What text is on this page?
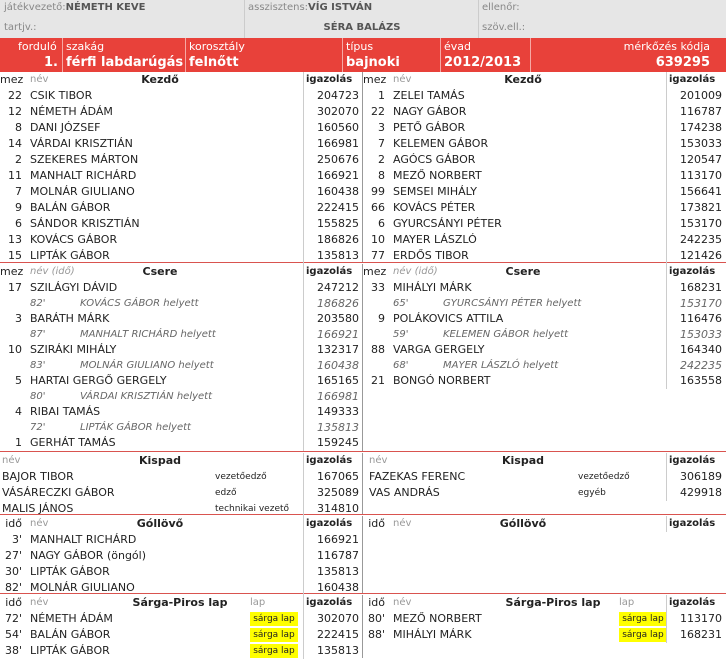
játékvezető:NÉMETH KEVE
tartjv.:
asszisztens:VÍG ISTVÁN
SÉRA BALÁZS
ellenőr:
szöv.ell.:
forduló
1.
szakág
férfi labdarúgás
korosztály
felnőtt
típus
bajnoki
évad
2012/2013
mérkőzés kódja
639295
mez név	Kezdő	igazolás
22 CSIK TIBOR	204723
12 NÉMETH ÁDÁM	302070
8 DANI JÓZSEF	160560
14 VÁRDAI KRISZTIÁN	166981
2 SZEKERES MÁRTON	250676
11 MANHALT RICHÁRD	166921
7 MOLNÁR GIULIANO	160438
9 BALÁN GÁBOR	222415
6 SÁNDOR KRISZTIÁN	155825
13 KOVÁCS GÁBOR	186826
15 LIPTÁK GÁBOR	135813
mez név	Kezdő	igazolás
1 ZELEI TAMÁS	201009
22 NAGY GÁBOR	116787
3 PETŐ GÁBOR	174238
7 KELEMEN GÁBOR	153033
2 AGÓCS GÁBOR	120547
8 MEZŐ NORBERT	113170
99 SEMSEI MIHÁLY	156641
66 KOVÁCS PÉTER	173821
6 GYURCSÁNYI PÉTER	153170
10 MAYER LÁSZLÓ	242235
77 ERDŐS TIBOR	121426
mez név (idő)	Csere	igazolás
17 SZILÁGYI DÁVID	247212
82'	KOVÁCS GÁBOR helyett	186826
3 BARÁTH MÁRK	203580
87'	MANHALT RICHÁRD helyett	166921
10 SZIRÁKI MIHÁLY	132317
83'	MOLNÁR GIULIANO helyett	160438
5 HARTAI GERGŐ GERGELY	165165
80'	VÁRDAI KRISZTIÁN helyett	166981
4 RIBAI TAMÁS	149333
72'	LIPTÁK GÁBOR helyett	135813
1 GERHÁT TAMÁS	159245
mez név (idő)	Csere	igazolás
33 MIHÁLYI MÁRK	168231
65'	GYURCSÁNYI PÉTER helyett	153170
9 POLÁKOVICS ATTILA	116476
59'	KELEMEN GÁBOR helyett	153033
88 VARGA GERGELY	164340
68'	MAYER LÁSZLÓ helyett	242235
21 BONGÓ NORBERT	163558
név	Kispad	igazolás
BAJOR TIBOR	vezetőedző	167065
VÁSÁRECZKI GÁBOR	edző	325089
MALIS JÁNOS	technikai vezető	314810
név	Kispad	igazolás
FAZEKAS FERENC	vezetőedző	306189
VAS ANDRÁS	egyéb	429918
idő név	Góllövő	igazolás
3' MANHALT RICHÁRD	166921
27' NAGY GÁBOR (öngól)	116787
30' LIPTÁK GÁBOR	135813
82' MOLNÁR GIULIANO	160438
idő név	Góllövő	igazolás
idő név	Sárga-Piros lap	lap	igazolás
72' NÉMETH ÁDÁM	sárga lap	302070
54' BALÁN GÁBOR	sárga lap	222415
38' LIPTÁK GÁBOR	sárga lap	135813
idő név	Sárga-Piros lap	lap	igazolás
80' MEZŐ NORBERT	sárga lap	113170
88' MIHÁLYI MÁRK	sárga lap	168231
